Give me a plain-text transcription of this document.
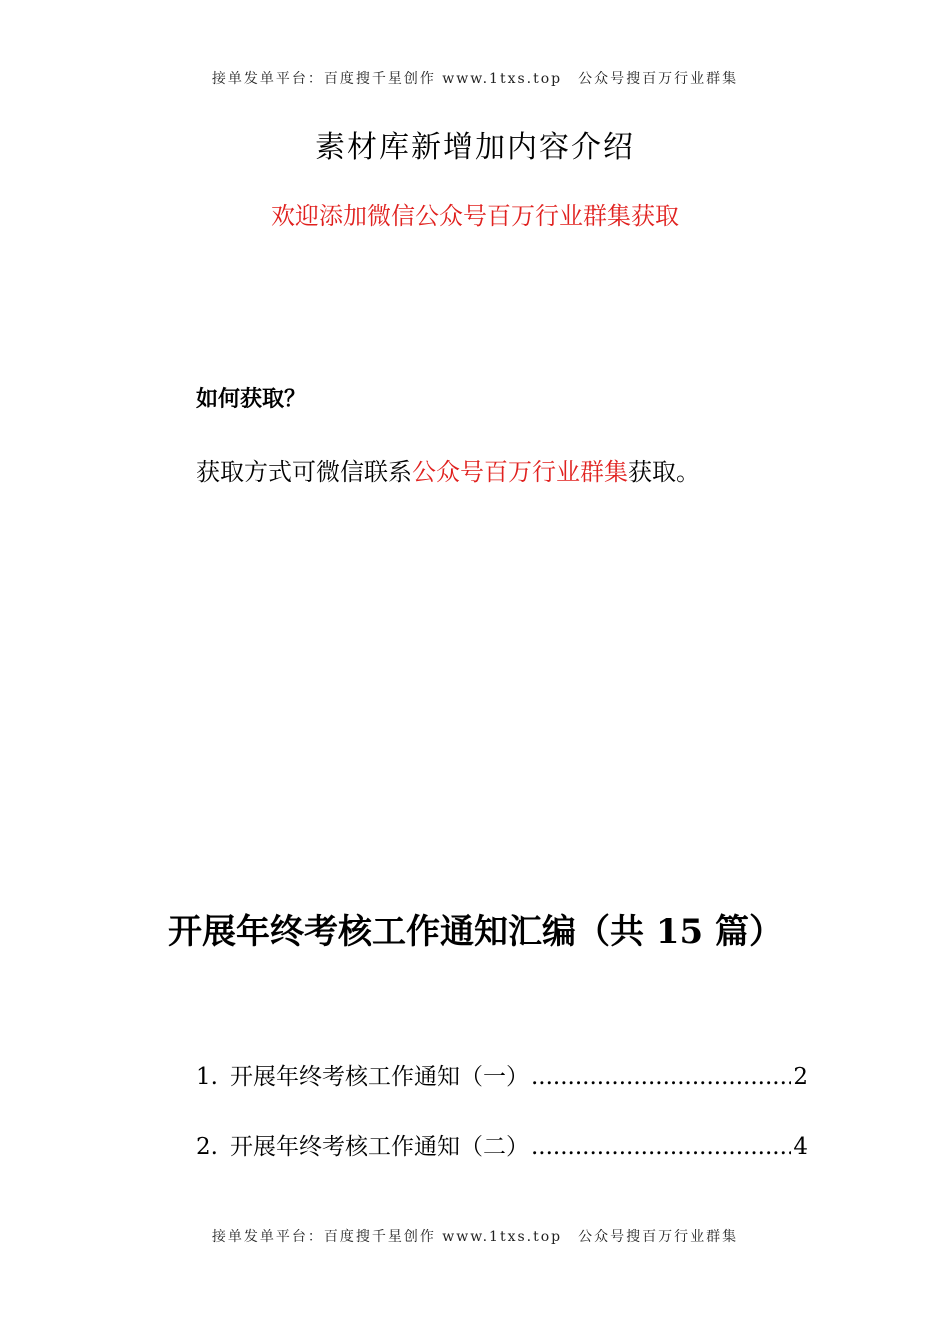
接单发单平台：百度搜千星创作 www.1txs.top　公众号搜百万行业群集
素材库新增加内容介绍
欢迎添加微信公众号百万行业群集获取
如何获取？
获取方式可微信联系公众号百万行业群集获取。
开展年终考核工作通知汇编（共 15 篇）
1. 开展年终考核工作通知（一） .....	2
2. 开展年终考核工作通知（二） .....	4
接单发单平台：百度搜千星创作 www.1txs.top　公众号搜百万行业群集
